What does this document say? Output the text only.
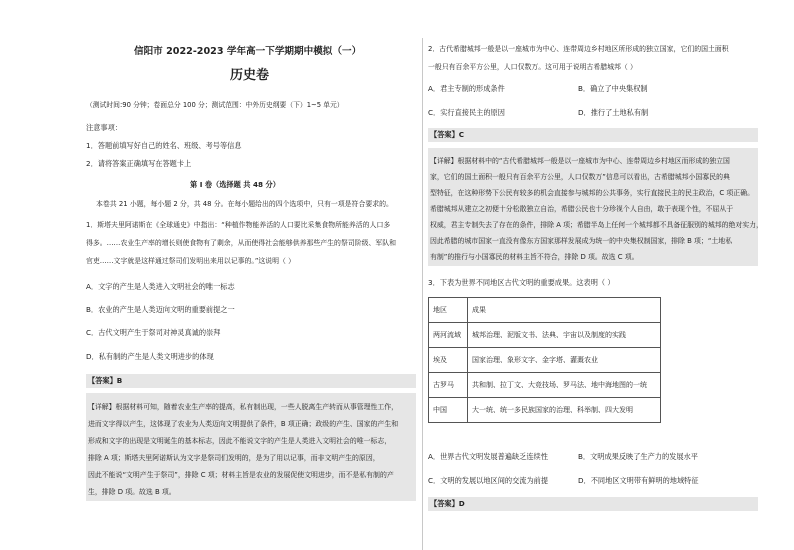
信阳市 2022-2023 学年高一下学期期中模拟（一）
历史卷
（测试时间:90 分钟；卷面总分 100 分；测试范围：中外历史纲要（下）1~5 单元）
注意事项：
1．答题前填写好自己的姓名、班级、考号等信息
2．请将答案正确填写在答题卡上
第 I 卷（选择题 共 48 分）
本卷共 21 小题，每小题 2 分，共 48 分。在每小题给出的四个选项中，只有一项是符合要求的。
1．斯塔夫里阿诺斯在《全球通史》中指出：“种植作物能养活的人口要比采集食物所能养活的人口多
得多。……农业生产率的增长则使食物有了剩余，从而使得社会能够供养那些产生的祭司阶级、军队和
官吏……文字就是这样通过祭司们发明出来用以记事的。”这说明（ ）
A．文字的产生是人类进入文明社会的唯一标志
B．农业的产生是人类迈向文明的重要前提之一
C．古代文明产生于祭司对神灵真诚的崇拜
D．私有制的产生是人类文明进步的体现
【答案】B
【详解】根据材料可知，随着农业生产率的提高，私有制出现，一些人脱离生产转而从事管理性工作，
进而文字得以产生，这体现了农业为人类迈向文明提供了条件，B 项正确；政级的产生、国家的产生和
形成和文字的出现是文明诞生的基本标志，因此不能说文字的产生是人类进入文明社会的唯一标志，
排除 A 项；斯塔夫里阿诺斯认为文字是祭司们发明的，是为了用以记事，而非文明产生的原因，
因此不能说“文明产生于祭司”，排除 C 项；材料主旨是农业的发展促使文明进步，而不是私有制的产
生，排除 D 项。故选 B 项。
2．古代希腊城邦一般是以一座城市为中心、连带周边乡村地区所形成的独立国家，它们的国土面积
一般只有百余平方公里，人口仅数万。这可用于说明古希腊城邦（ ）
A．君主专制的形成条件	B．确立了中央集权制
C．实行直接民主的原因	D．推行了土地私有制
【答案】C
【详解】根据材料中的“古代希腊城邦一般是以一座城市为中心、连带周边乡村地区而形成的独立国
家，它们的国土面积一般只有百余平方公里，人口仅数万”信息可以看出，古希腊城邦小国寡民的典
型特征，在这种形势下公民有较多的机会直接参与城邦的公共事务，实行直接民主的民主政治，C 项正确。
希腊城邦从建立之初便十分松散独立自治，希腊公民也十分珍视个人自由，敢于表现个性，不屈从于
权威，君主专制失去了存在的条件，排除 A 项；希腊半岛上任何一个城邦都不具备征服别的城邦的绝对实力，
因此希腊的城市国家一直没有像东方国家那样发展成为统一的中央集权制国家，排除 B 项；“土地私
有制”的推行与小国寡民的材料主旨不符合，排除 D 项。故选 C 项。
3．下表为世界不同地区古代文明的重要成果。这表明（ ）
地区	成果
两河流域	城邦治理、泥版文书、法典、宇宙以及制度的实践
埃及	国家治理、象形文字、金字塔、灌溉农业
古罗马	共和制、拉丁文、大竞技场、罗马法、地中海地图的一统
中国	大一统、统一多民族国家的治理、科举制、四大发明
A．世界古代文明发展普遍缺乏连续性	B．文明成果反映了生产力的发展水平
C．文明的发展以地区间的交流为前提	D．不同地区文明带有鲜明的地域特征
【答案】D
